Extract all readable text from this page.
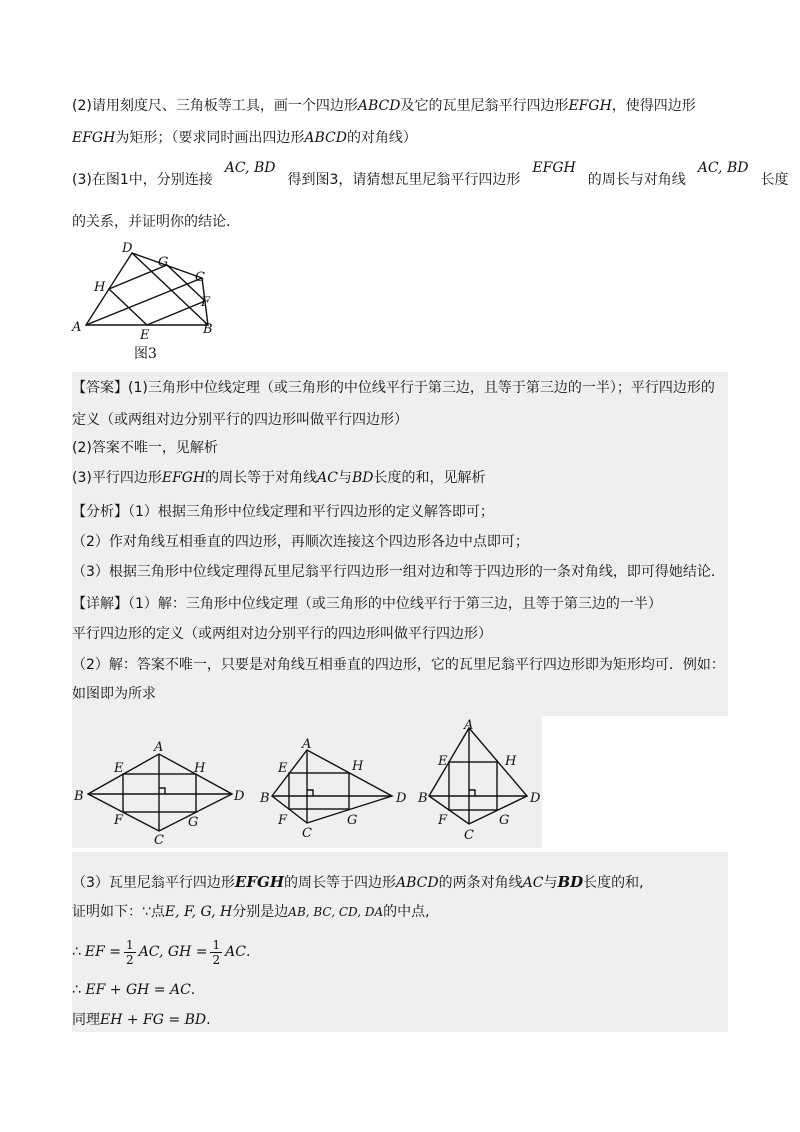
(2)请用刻度尺、三角板等工具，画一个四边形ABCD及它的瓦里尼翁平行四边形EFGH，使得四边形
EFGH为矩形；（要求同时画出四边形ABCD的对角线）
(3)在图1中，分别连接AC, BD得到图3，请猜想瓦里尼翁平行四边形EFGH的周长与对角线AC, BD长度
的关系，并证明你的结论．
A	B
C
D
E
F
G
H
图3
【答案】(1)三角形中位线定理（或三角形的中位线平行于第三边，且等于第三边的一半）；平行四边形的
定义（或两组对边分别平行的四边形叫做平行四边形）
(2)答案不唯一，见解析
(3)平行四边形EFGH的周长等于对角线AC与BD长度的和，见解析
【分析】（1）根据三角形中位线定理和平行四边形的定义解答即可；
（2）作对角线互相垂直的四边形，再顺次连接这个四边形各边中点即可；
（3）根据三角形中位线定理得瓦里尼翁平行四边形一组对边和等于四边形的一条对角线，即可得她结论．
【详解】（1）解：三角形中位线定理（或三角形的中位线平行于第三边，且等于第三边的一半）
平行四边形的定义（或两组对边分别平行的四边形叫做平行四边形）
（2）解：答案不唯一，只要是对角线互相垂直的四边形，它的瓦里尼翁平行四边形即为矩形均可．例如：
如图即为所求
B
A
D
C
E	H
F	G
B
A
D
C
E	H
F	G
B
A
D
C
E	H
F	G
（3）瓦里尼翁平行四边形EFGH的周长等于四边形ABCD的两条对角线AC与BD长度的和,
证明如下：∵点E, F, G, H分别是边AB, BC, CD, DA的中点,
∴ EF = $\frac{1}{2}$ AC, GH = $\frac{1}{2}$ AC .
∴ EF + GH = AC.
同理EH + FG = BD.
